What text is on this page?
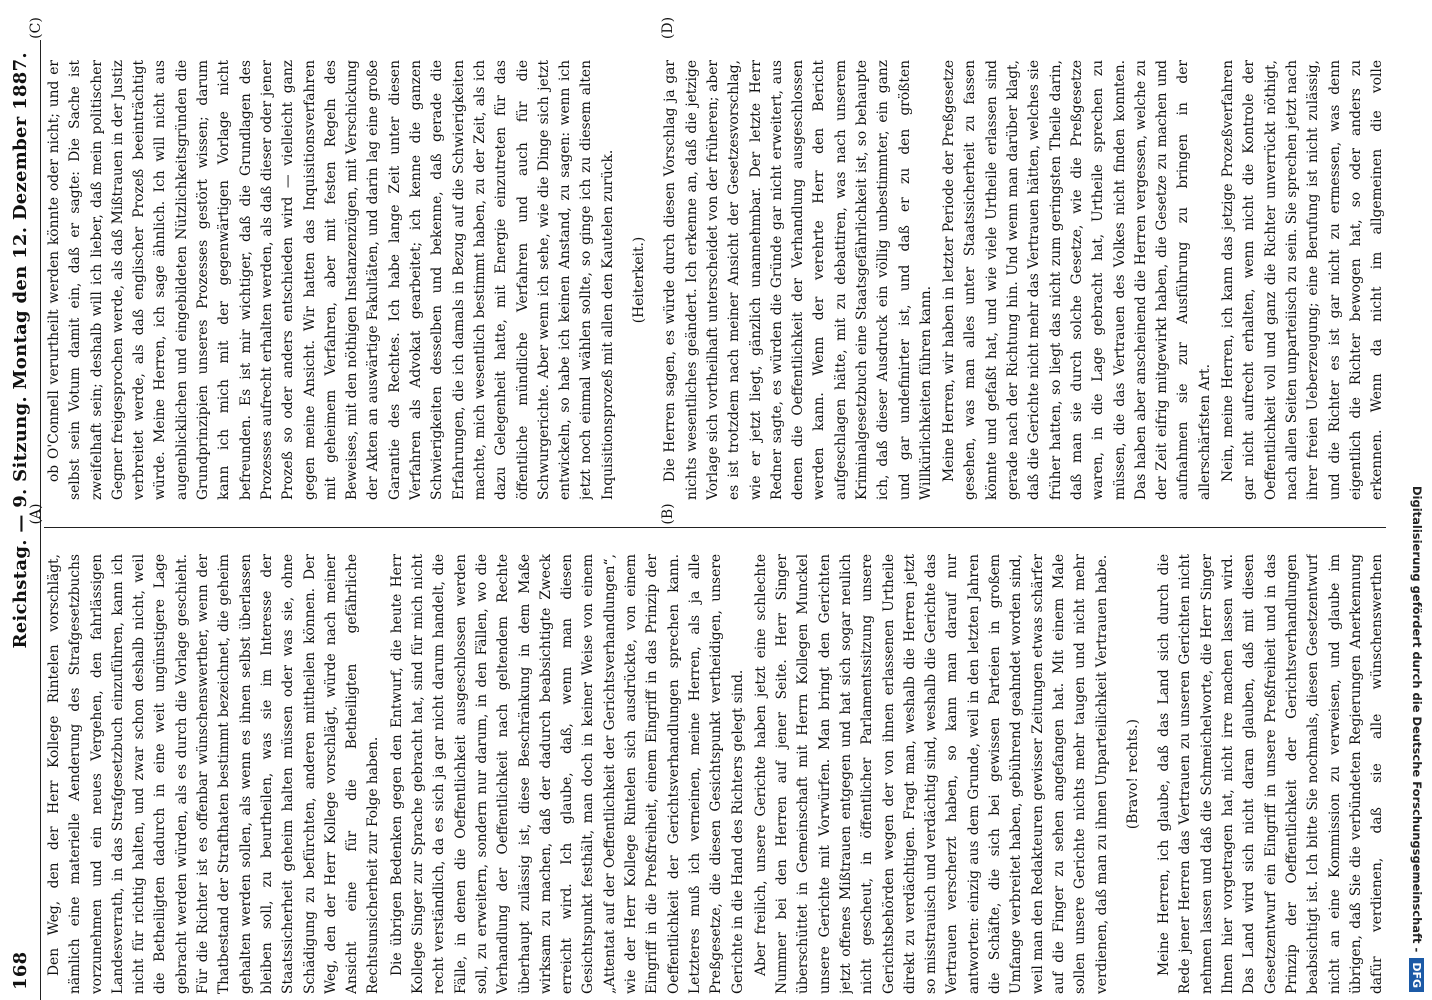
168
Reichstag. — 9. Sitzung. Montag den 12. Dezember 1887.
(A)	(B)
(C)	(D)

Den Weg, den der Herr Kollege Rintelen vorschlägt, nämlich eine materielle Aenderung des Strafgesetzbuchs vorzunehmen und ein neues Vergehen, den fahrlässigen Landesverrath, in das Strafgesetzbuch einzuführen, kann ich nicht für richtig halten, und zwar schon deshalb nicht, weil die Betheiligten dadurch in eine weit ungünstigere Lage gebracht werden würden, als es durch die Vorlage geschieht. Für die Richter ist es offenbar wünschenswerther, wenn der Thatbestand der Strafthaten bestimmt bezeichnet, die geheim gehalten werden sollen, als wenn es ihnen selbst überlassen bleiben soll, zu beurtheilen, was sie im Interesse der Staatssicherheit geheim halten müssen oder was sie, ohne Schädigung zu befürchten, anderen mittheilen können. Der Weg, den der Herr Kollege vorschlägt, würde nach meiner Ansicht eine für die Betheiligten gefährliche Rechtsunsicherheit zur Folge haben. Die übrigen Bedenken gegen den Entwurf, die heute Herr Kollege Singer zur Sprache gebracht hat, sind für mich nicht recht verständlich, da es sich ja gar nicht darum handelt, die Fälle, in denen die Oeffentlichkeit ausgeschlossen werden soll, zu erweitern, sondern nur darum, in den Fällen, wo die Verhandlung der Oeffentlichkeit nach geltendem Rechte überhaupt zulässig ist, diese Beschränkung in dem Maße wirksam zu machen, daß der dadurch beabsichtigte Zweck erreicht wird. Ich glaube, daß, wenn man diesen Gesichtspunkt festhält, man doch in keiner Weise von einem „Attentat auf der Oeffentlichkeit der Gerichtsverhandlungen“, wie der Herr Kollege Rintelen sich ausdrückte, von einem Eingriff in die Preßfreiheit, einem Eingriff in das Prinzip der Oeffentlichkeit der Gerichtsverhandlungen sprechen kann. Letzteres muß ich verneinen, meine Herren, als ja alle Preßgesetze, die diesen Gesichtspunkt vertheidigen, unsere Gerichte in die Hand des Richters gelegt sind. Aber freilich, unsere Gerichte haben jetzt eine schlechte Nummer bei den Herren auf jener Seite. Herr Singer überschüttet in Gemeinschaft mit Herrn Kollegen Munckel unsere Gerichte mit Vorwürfen. Man bringt den Gerichten jetzt offenes Mißtrauen entgegen und hat sich sogar neulich nicht gescheut, in öffentlicher Parlamentssitzung unsere Gerichtsbehörden wegen der von ihnen erlassenen Urtheile direkt zu verdächtigen. Fragt man, weshalb die Herren jetzt so misstrauisch und verdächtig sind, weshalb die Gerichte das Vertrauen verscherzt haben, so kann man darauf nur antworten: einzig aus dem Grunde, weil in den letzten Jahren die Schäfte, die sich bei gewissen Parteien in großem Umfange verbreitet haben, gebührend geahndet worden sind, weil man den Redakteuren gewisser Zeitungen etwas schärfer auf die Finger zu sehen angefangen hat. Mit einem Male sollen unsere Gerichte nichts mehr taugen und nicht mehr verdienen, daß man zu ihnen Unparteilichkeit Vertrauen habe. (Bravo! rechts.)

Meine Herren, ich glaube, daß das Land sich durch die Rede jener Herren das Vertrauen zu unseren Gerichten nicht nehmen lassen und daß die Schmeichelworte, die Herr Singer Ihnen hier vorgetragen hat, nicht irre machen lassen wird. Das Land wird sich nicht daran glauben, daß mit diesen Gesetzentwurf ein Eingriff in unsere Preßfreiheit und in das Prinzip der Oeffentlichkeit der Gerichtsverhandlungen beabsichtigt ist. Ich bitte Sie nochmals, diesen Gesetzentwurf nicht an eine Kommission zu verweisen, und glaube im übrigen, daß Sie die verbündeten Regierungen Anerkennung dafür verdienen, daß sie alle wünschenswerthen

ob O'Connell verurtheilt werden könnte oder nicht; und er selbst sein Votum damit ein, daß er sagte: Die Sache ist zweifelhaft sein; deshalb will ich lieber, daß mein politischer Gegner freigesprochen werde, als daß Mißtrauen in der Justiz verbreitet werde, als daß englischer Prozeß beeinträchtigt würde. Meine Herren, ich sage ähnlich. Ich will nicht aus augenblicklichen und eingebildeten Nützlichkeitsgründen die Grundprinzipien unseres Prozesses gestört wissen; darum kann ich mich mit der gegenwärtigen Vorlage nicht befreunden. Es ist mir wichtiger, daß die Grundlagen des Prozesses aufrecht erhalten werden, als daß dieser oder jener Prozeß so oder anders entschieden wird — vielleicht ganz gegen meine Ansicht. Wir hatten das Inquisitionsverfahren mit geheimem Verfahren, aber mit festen Regeln des Beweises, mit den nöthigen Instanzenzügen, mit Verschickung der Akten an auswärtige Fakultäten, und darin lag eine große Garantie des Rechtes. Ich habe lange Zeit unter diesen Verfahren als Advokat gearbeitet; ich kenne die ganzen Schwierigkeiten desselben und bekenne, daß gerade die Erfahrungen, die ich damals in Bezug auf die Schwierigkeiten machte, mich wesentlich bestimmt haben, zu der Zeit, als ich dazu Gelegenheit hatte, mit Energie einzutreten für das öffentliche mündliche Verfahren und auch für die Schwurgerichte. Aber wenn ich sehe, wie die Dinge sich jetzt entwickeln, so habe ich keinen Anstand, zu sagen: wenn ich jetzt noch einmal wählen sollte, so ginge ich zu diesem alten Inquisitionsprozeß mit allen den Kautelen zurück. (Heiterkeit.) Die Herren sagen, es würde durch diesen Vorschlag ja gar nichts wesentliches geändert. Ich erkenne an, daß die jetzige Vorlage sich vortheilhaft unterscheidet von der früheren; aber es ist trotzdem nach meiner Ansicht der Gesetzesvorschlag, wie er jetzt liegt, gänzlich unannehmbar. Der letzte Herr Redner sagte, es würden die Gründe gar nicht erweitert, aus denen die Oeffentlichkeit der Verhandlung ausgeschlossen werden kann. Wenn der verehrte Herr den Bericht aufgeschlagen hätte, mit zu debattiren, was nach unserem Kriminalgesetzbuch eine Staatsgefährlichkeit ist, so behaupte ich, daß dieser Ausdruck ein völlig unbestimmter, ein ganz und gar undefinirter ist, und daß er zu den größten Willkürlichkeiten führen kann. Meine Herren, wir haben in letzter Periode der Preßgesetze gesehen, was man alles unter Staatssicherheit zu fassen könnte und gefaßt hat, und wie viele Urtheile erlassen sind gerade nach der Richtung hin. Und wenn man darüber klagt, daß die Gerichte nicht mehr das Vertrauen hätten, welches sie früher hatten, so liegt das nicht zum geringsten Theile darin, daß man sie durch solche Gesetze, wie die Preßgesetze waren, in die Lage gebracht hat, Urtheile sprechen zu müssen, die das Vertrauen des Volkes nicht finden konnten. Das haben aber anscheinend die Herren vergessen, welche zu der Zeit eifrig mitgewirkt haben, die Gesetze zu machen und aufnahmen sie zur Ausführung zu bringen in der allerschärfsten Art. Nein, meine Herren, ich kann das jetzige Prozeßverfahren gar nicht aufrecht erhalten, wenn nicht die Kontrole der Oeffentlichkeit voll und ganz die Richter unverrückt nöthigt, nach allen Seiten unparteiisch zu sein. Sie sprechen jetzt nach ihrer freien Ueberzeugung; eine Berufung ist nicht zulässig, und die Richter es ist gar nicht zu ermessen, was denn eigentlich die Richter bewogen hat, so oder anders zu erkennen. Wenn da nicht im allgemeinen die volle

Digitalisierung gefördert durch die Deutsche Forschungsgemeinschaft -
DFG
